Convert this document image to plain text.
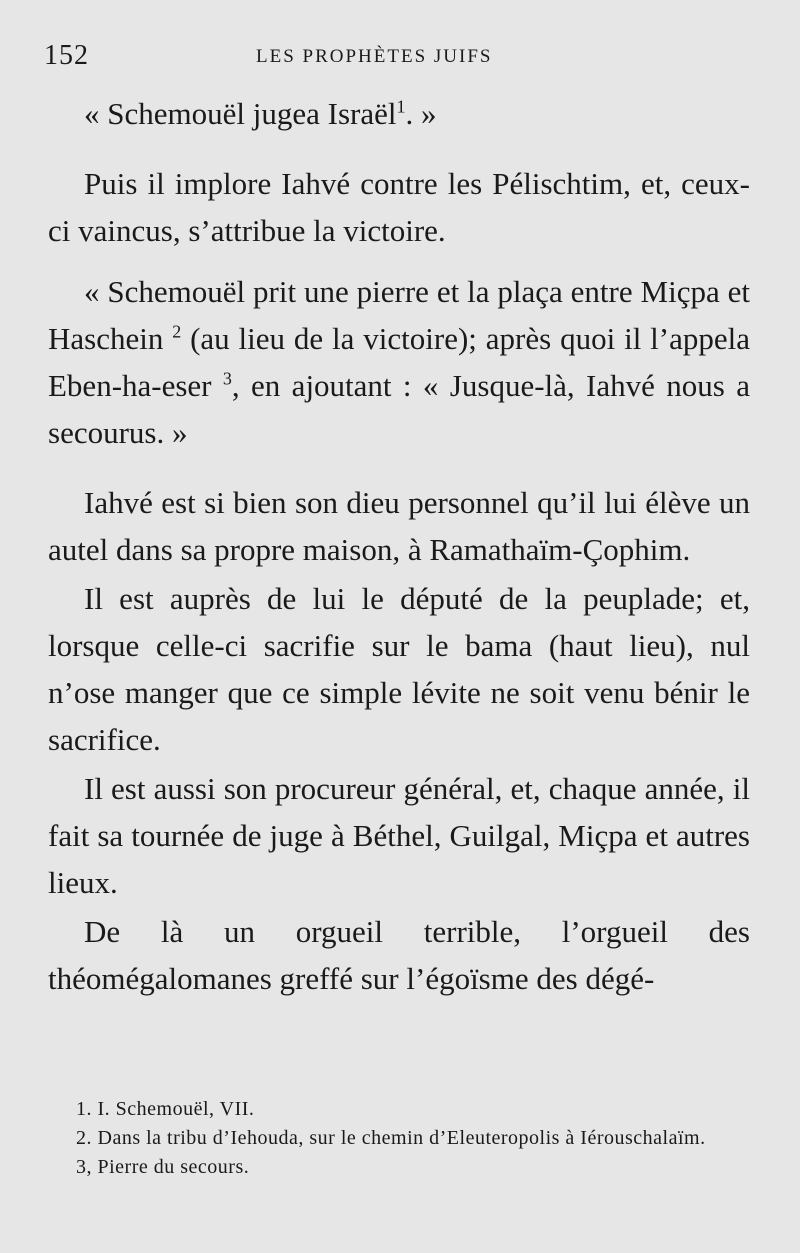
152	LES PROPHÈTES JUIFS

« Schemouël jugea Israël$^1$. »

Puis il implore Iahvé contre les Pélischtim, et, ceux-ci vaincus, s’attribue la victoire.

« Schemouël prit une pierre et la plaça entre Miçpa et Haschein $^2$ (au lieu de la victoire); après quoi il l’appela Eben-ha-eser $^3$, en ajoutant : « Jusque-là, Iahvé nous a secourus. »

Iahvé est si bien son dieu personnel qu’il lui élève un autel dans sa propre maison, à Ramathaïm-Çophim.

Il est auprès de lui le député de la peuplade; et, lorsque celle-ci sacrifie sur le bama (haut lieu), nul n’ose manger que ce simple lévite ne soit venu bénir le sacrifice.

Il est aussi son procureur général, et, chaque année, il fait sa tournée de juge à Béthel, Guilgal, Miçpa et autres lieux.

De là un orgueil terrible, l’orgueil des théomégalomanes greffé sur l’égoïsme des dégé-

1. I. Schemouël, VII.

2. Dans la tribu d’Iehouda, sur le chemin d’Eleuteropolis à Iérouschalaïm.

3, Pierre du secours.
